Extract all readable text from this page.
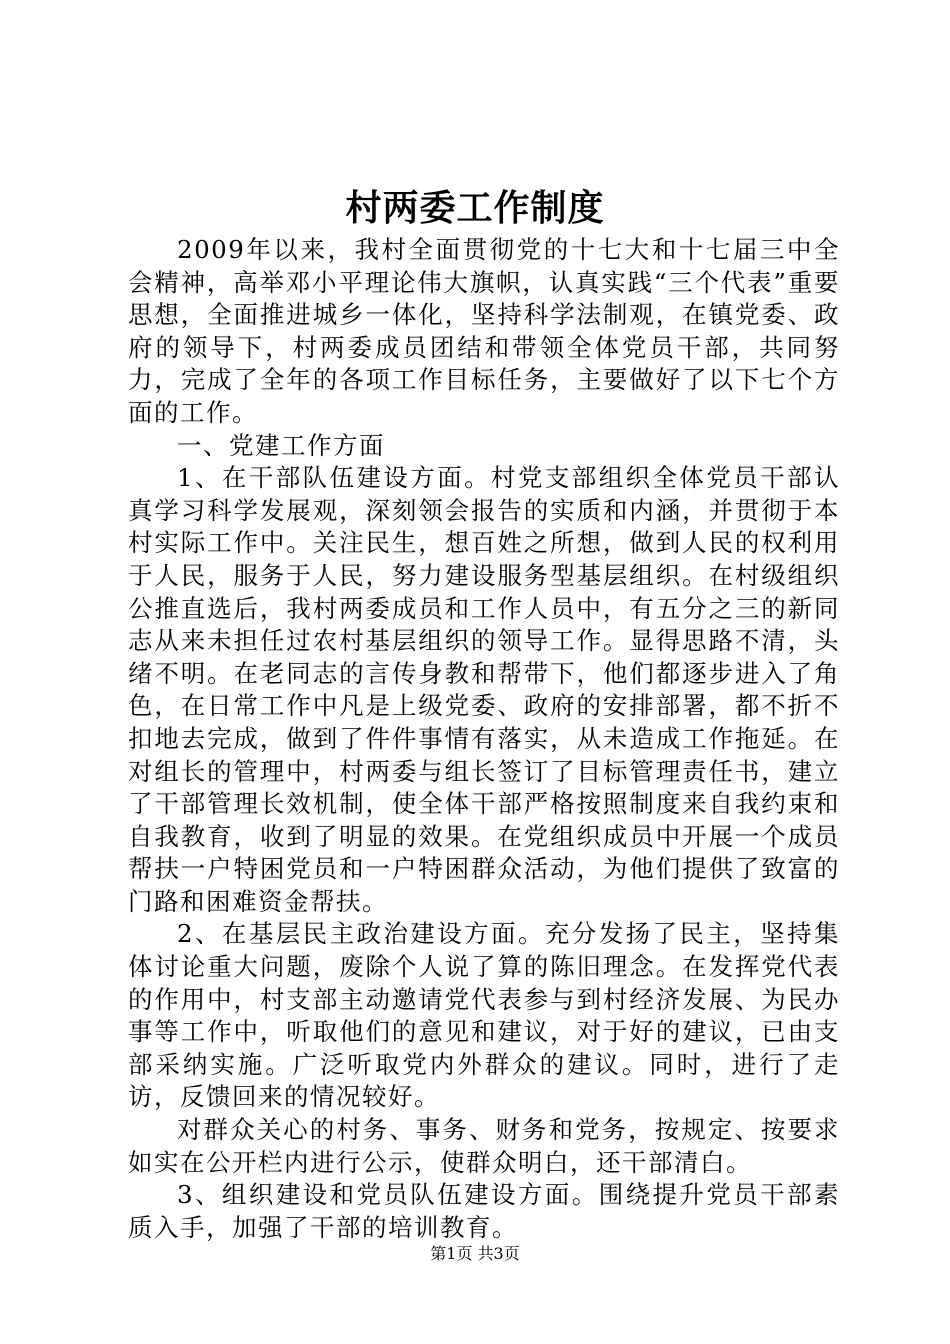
村两委工作制度

2009年以来，我村全面贯彻党的十七大和十七届三中全会精神，高举邓小平理论伟大旗帜，认真实践“三个代表”重要思想，全面推进城乡一体化，坚持科学法制观，在镇党委、政府的领导下，村两委成员团结和带领全体党员干部，共同努力，完成了全年的各项工作目标任务，主要做好了以下七个方面的工作。

一、党建工作方面

1、在干部队伍建设方面。村党支部组织全体党员干部认真学习科学发展观，深刻领会报告的实质和内涵，并贯彻于本村实际工作中。关注民生，想百姓之所想，做到人民的权利用于人民，服务于人民，努力建设服务型基层组织。在村级组织公推直选后，我村两委成员和工作人员中，有五分之三的新同志从来未担任过农村基层组织的领导工作。显得思路不清，头绪不明。在老同志的言传身教和帮带下，他们都逐步进入了角色，在日常工作中凡是上级党委、政府的安排部署，都不折不扣地去完成，做到了件件事情有落实，从未造成工作拖延。在对组长的管理中，村两委与组长签订了目标管理责任书，建立了干部管理长效机制，使全体干部严格按照制度来自我约束和自我教育，收到了明显的效果。在党组织成员中开展一个成员帮扶一户特困党员和一户特困群众活动，为他们提供了致富的门路和困难资金帮扶。

2、在基层民主政治建设方面。充分发扬了民主，坚持集体讨论重大问题，废除个人说了算的陈旧理念。在发挥党代表的作用中，村支部主动邀请党代表参与到村经济发展、为民办事等工作中，听取他们的意见和建议，对于好的建议，已由支部采纳实施。广泛听取党内外群众的建议。同时，进行了走访，反馈回来的情况较好。

对群众关心的村务、事务、财务和党务，按规定、按要求如实在公开栏内进行公示，使群众明白，还干部清白。

3、组织建设和党员队伍建设方面。围绕提升党员干部素质入手，加强了干部的培训教育。

第1页 共3页
